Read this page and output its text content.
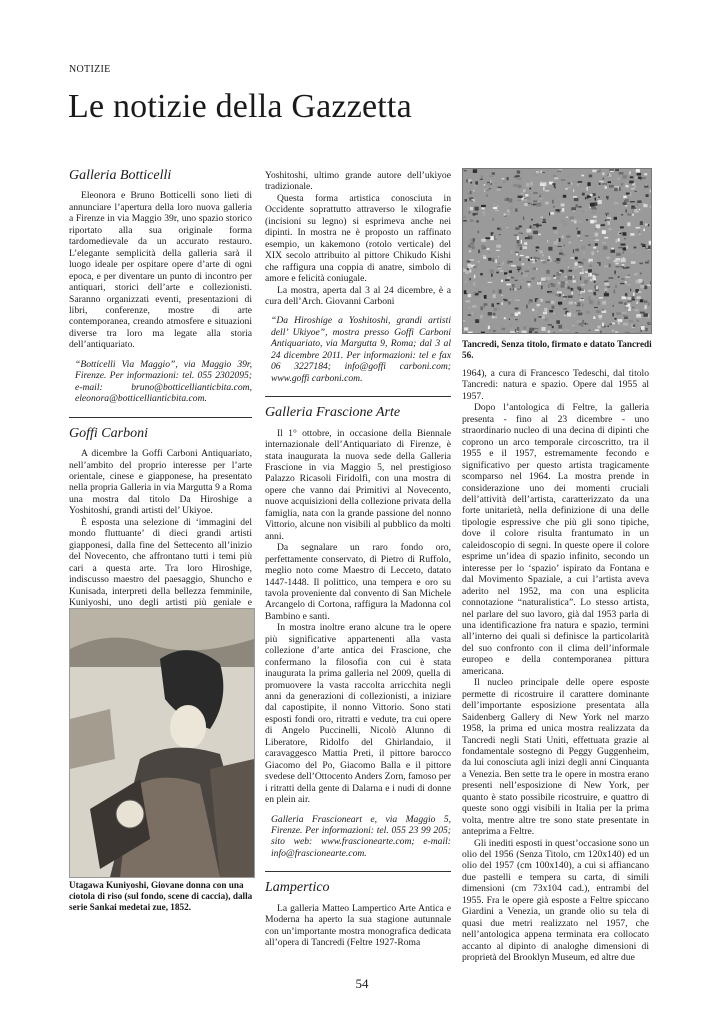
NOTIZIE
Le notizie della Gazzetta
Galleria Botticelli

Eleonora e Bruno Botticelli sono lieti di annunciare l’apertura della loro nuova galleria a Firenze in via Maggio 39r, uno spazio storico riportato alla sua originale forma tardomedievale da un accurato restauro. L’elegante semplicità della galleria sarà il luogo ideale per ospitare opere d’arte di ogni epoca, e per diventare un punto di incontro per antiquari, storici dell’arte e collezionisti. Saranno organizzati eventi, presentazioni di libri, conferenze, mostre di arte contemporanea, creando atmosfere e situazioni diverse tra loro ma legate alla storia dell’antiquariato.

“Botticelli Via Maggio”, via Maggio 39r, Firenze. Per informazioni: tel. 055 2302095; e-mail: bruno@botticellianticbita.com, eleonora@botticellianticbita.com.

Goffi Carboni

A dicembre la Goffi Carboni Antiquariato, nell’ambito del proprio interesse per l’arte orientale, cinese e giapponese, ha presentato nella propria Galleria in via Margutta 9 a Roma una mostra dal titolo Da Hiroshige a Yoshitoshi, grandi artisti del’ Ukiyoe.

È esposta una selezione di ‘immagini del mondo fluttuante’ di dieci grandi artisti giapponesi, dalla fine del Settecento all’inizio del Novecento, che affrontano tutti i temi più cari a questa arte. Tra loro Hiroshige, indiscusso maestro del paesaggio, Shuncho e Kunisada, interpreti della bellezza femminile, Kuniyoshi, uno degli artisti più geniale e

Utagawa Kuniyoshi, Giovane donna con una ciotola di riso (sul fondo, scene di caccia), dalla serie Sankai medetai zue, 1852.

Yoshitoshi, ultimo grande autore dell’ukiyoe tradizionale.

Questa forma artistica conosciuta in Occidente soprattutto attraverso le xilografie (incisioni su legno) si esprimeva anche nei dipinti. In mostra ne è proposto un raffinato esempio, un kakemono (rotolo verticale) del XIX secolo attribuito al pittore Chikudo Kishi che raffigura una coppia di anatre, simbolo di amore e felicità coniugale.

La mostra, aperta dal 3 al 24 dicembre, è a cura dell’Arch. Giovanni Carboni

“Da Hiroshige a Yoshitoshi, grandi artisti dell’ Ukiyoe”, mostra presso Goffi Carboni Antiquariato, via Margutta 9, Roma; dal 3 al 24 dicembre 2011. Per informazioni: tel e fax 06 3227184; info@goffi carboni.com; www.goffi carboni.com.

Galleria Frascione Arte

Il 1° ottobre, in occasione della Biennale internazionale dell’Antiquariato di Firenze, è stata inaugurata la nuova sede della Galleria Frascione in via Maggio 5, nel prestigioso Palazzo Ricasoli Firidolfi, con una mostra di opere che vanno dai Primitivi al Novecento, nuove acquisizioni della collezione privata della famiglia, nata con la grande passione del nonno Vittorio, alcune non visibili al pubblico da molti anni.

Da segnalare un raro fondo oro, perfettamente conservato, di Pietro di Ruffolo, meglio noto come Maestro di Lecceto, datato 1447-1448. Il polittico, una tempera e oro su tavola proveniente dal convento di San Michele Arcangelo di Cortona, raffigura la Madonna col Bambino e santi.

In mostra inoltre erano alcune tra le opere più significative appartenenti alla vasta collezione d’arte antica dei Frascione, che confermano la filosofia con cui è stata inaugurata la prima galleria nel 2009, quella di promuovere la vasta raccolta arricchita negli anni da generazioni di collezionisti, a iniziare dal capostipite, il nonno Vittorio. Sono stati esposti fondi oro, ritratti e vedute, tra cui opere di Angelo Puccinelli, Nicolò Alunno di Liberatore, Ridolfo del Ghirlandaio, il caravaggesco Mattia Preti, il pittore barocco Giacomo del Po, Giacomo Balla e il pittore svedese dell’Ottocento Anders Zorn, famoso per i ritratti della gente di Dalarna e i nudi di donne en plein air.

Galleria Frascioneart e, via Maggio 5, Firenze. Per informazioni: tel. 055 23 99 205; sito web: www.frascionearte.com; e-mail: info@frascionearte.com.

Lampertico

La galleria Matteo Lampertico Arte Antica e Moderna ha aperto la sua stagione autunnale con un’importante mostra monografica dedicata all’opera di Tancredi (Feltre 1927-Roma

Tancredi, Senza titolo, firmato e datato Tancredi 56.

1964), a cura di Francesco Tedeschi, dal titolo Tancredi: natura e spazio. Opere dal 1955 al 1957.

Dopo l’antologica di Feltre, la galleria presenta - fino al 23 dicembre - uno straordinario nucleo di una decina di dipinti che coprono un arco temporale circoscritto, tra il 1955 e il 1957, estremamente fecondo e significativo per questo artista tragicamente scomparso nel 1964. La mostra prende in considerazione uno dei momenti cruciali dell’attività dell’artista, caratterizzato da una forte unitarietà, nella definizione di una delle tipologie espressive che più gli sono tipiche, dove il colore risulta frantumato in un caleidoscopio di segni. In queste opere il colore esprime un’idea di spazio infinito, secondo un interesse per lo ‘spazio’ ispirato da Fontana e dal Movimento Spaziale, a cui l’artista aveva aderito nel 1952, ma con una esplicita connotazione “naturalistica”. Lo stesso artista, nel parlare del suo lavoro, già dal 1953 parla di una identificazione fra natura e spazio, termini all’interno dei quali si definisce la particolarità del suo confronto con il clima dell’informale europeo e della contemporanea pittura americana.

Il nucleo principale delle opere esposte permette di ricostruire il carattere dominante dell’importante esposizione presentata alla Saidenberg Gallery di New York nel marzo 1958, la prima ed unica mostra realizzata da Tancredi negli Stati Uniti, effettuata grazie al fondamentale sostegno di Peggy Guggenheim, da lui conosciuta agli inizi degli anni Cinquanta a Venezia. Ben sette tra le opere in mostra erano presenti nell’esposizione di New York, per quanto è stato possibile ricostruire, e quattro di queste sono oggi visibili in Italia per la prima volta, mentre altre tre sono state presentate in anteprima a Feltre.

Gli inediti esposti in quest’occasione sono un olio del 1956 (Senza Titolo, cm 120x140) ed un olio del 1957 (cm 100x140), a cui si affiancano due pastelli e tempera su carta, di simili dimensioni (cm 73x104 cad.), entrambi del 1955. Fra le opere già esposte a Feltre spiccano Giardini a Venezia, un grande olio su tela di quasi due metri realizzato nel 1957, che nell’antologica appena terminata era collocato accanto al dipinto di analoghe dimensioni di proprietà del Brooklyn Museum, ed altre due

54
